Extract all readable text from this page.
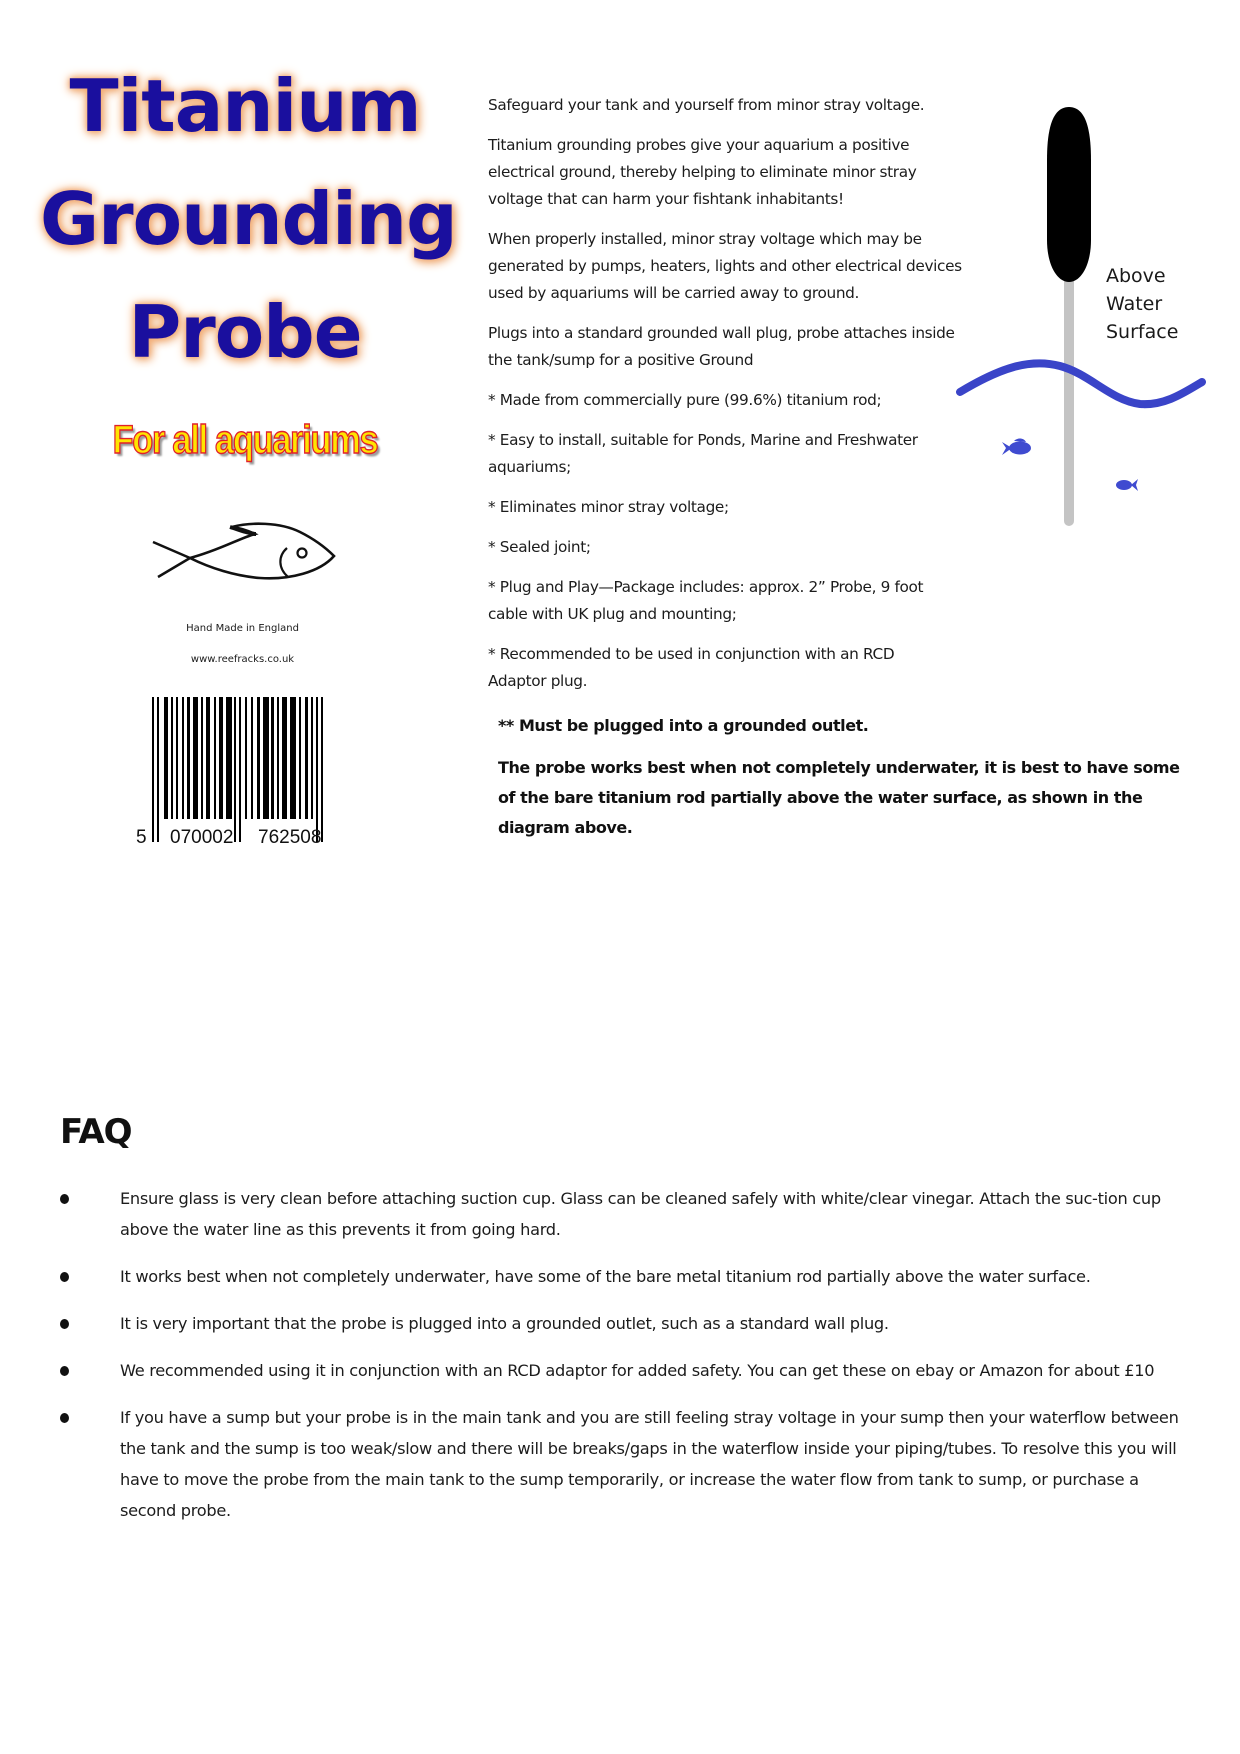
Titanium
Grounding
Probe
For all aquariums
Hand Made in England
www.reefracks.co.uk
5 070002 762508

Safeguard your tank and yourself from minor stray voltage.

Titanium grounding probes give your aquarium a positive electrical ground, thereby helping to eliminate minor stray voltage that can harm your fishtank inhabitants!

When properly installed, minor stray voltage which may be generated by pumps, heaters, lights and other electrical devices used by aquariums will be carried away to ground.

Plugs into a standard grounded wall plug, probe attaches inside the tank/sump for a positive Ground

* Made from commercially pure (99.6%) titanium rod;

* Easy to install, suitable for Ponds, Marine and Freshwater aquariums;

* Eliminates minor stray voltage;

* Sealed joint;

* Plug and Play—Package includes: approx. 2” Probe, 9 foot cable with UK plug and mounting;

* Recommended to be used in conjunction with an RCD Adaptor plug.

** Must be plugged into a grounded outlet.

The probe works best when not completely underwater, it is best to have some of the bare titanium rod partially above the water surface, as shown in the diagram above.

Above
Water
Surface
FAQ
Ensure glass is very clean before attaching suction cup. Glass can be cleaned safely with white/clear vinegar. Attach the suc-tion cup above the water line as this prevents it from going hard.
It works best when not completely underwater, have some of the bare metal titanium rod partially above the water surface.
It is very important that the probe is plugged into a grounded outlet, such as a standard wall plug.
We recommended using it in conjunction with an RCD adaptor for added safety. You can get these on ebay or Amazon for about £10
If you have a sump but your probe is in the main tank and you are still feeling stray voltage in your sump then your waterflow between the tank and the sump is too weak/slow and there will be breaks/gaps in the waterflow inside your piping/tubes. To resolve this you will have to move the probe from the main tank to the sump temporarily, or increase the water flow from tank to sump, or purchase a second probe.
